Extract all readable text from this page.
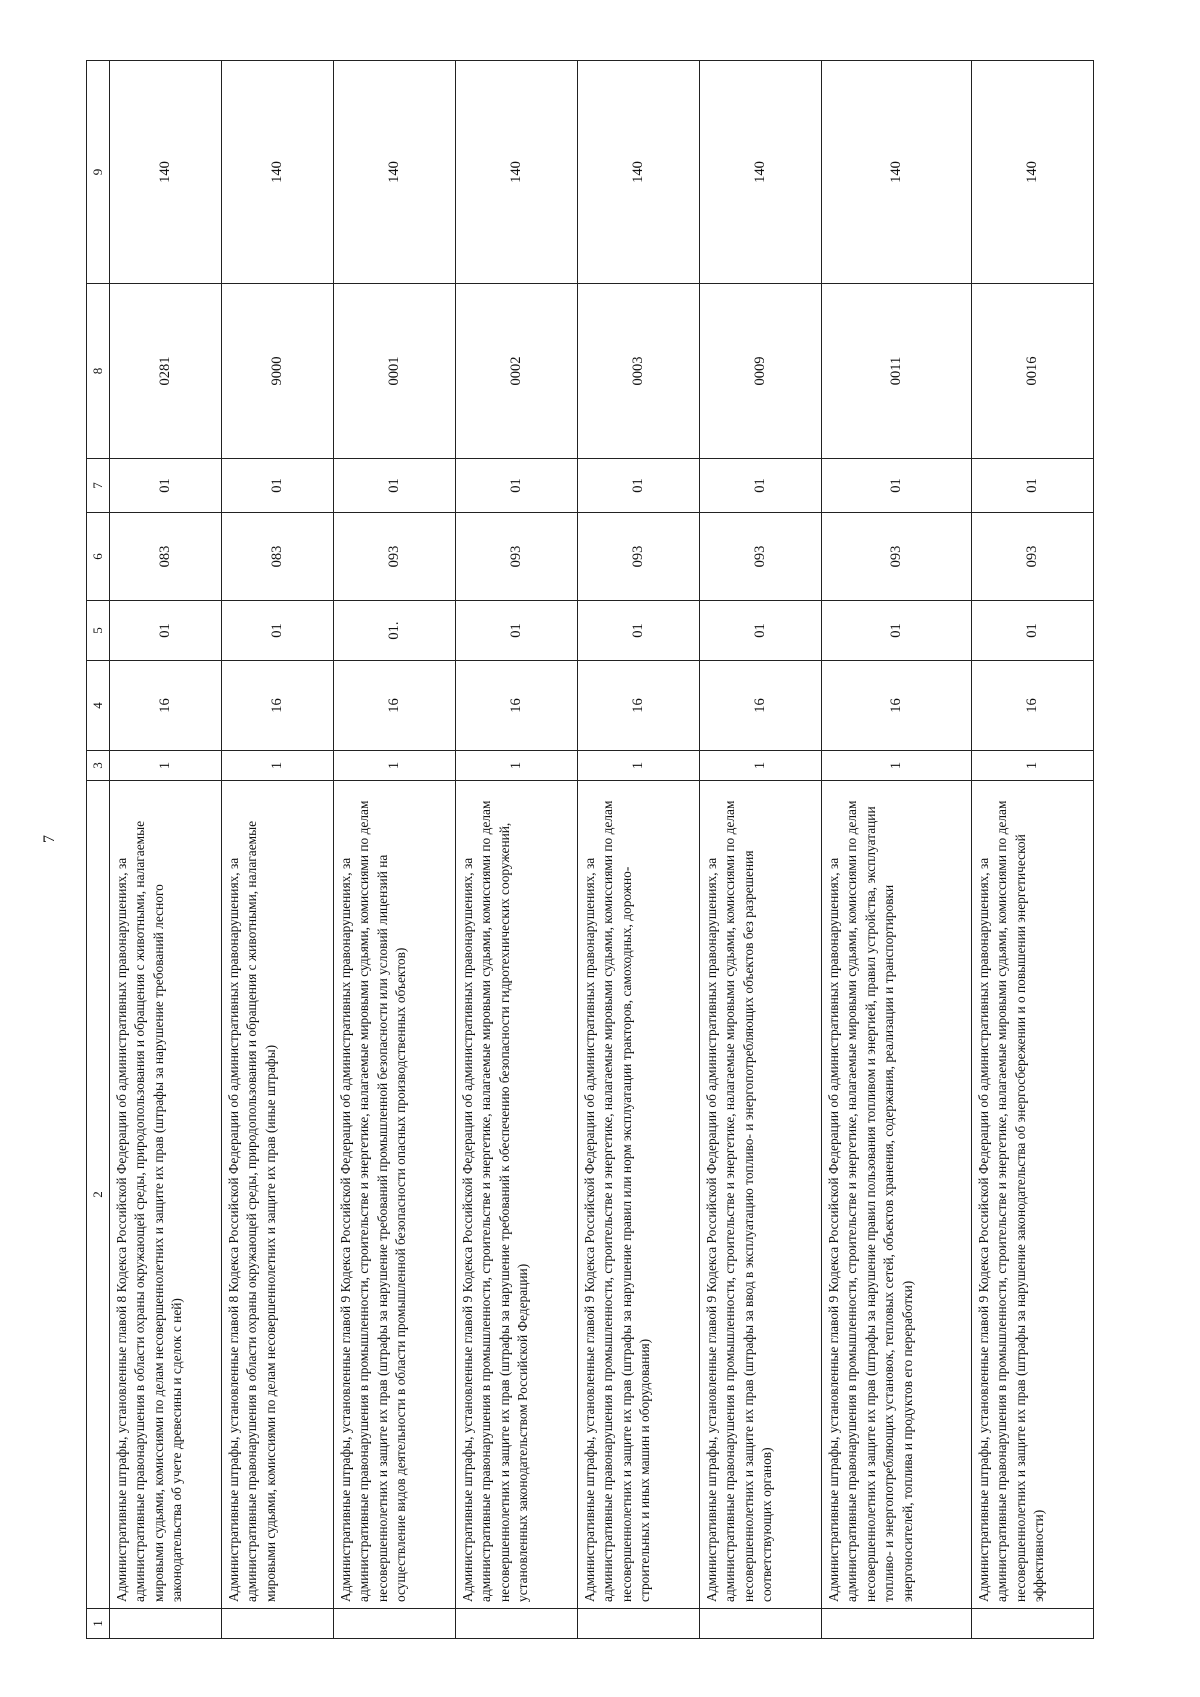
7
1	2	3	4	5	6	7	8	9
	Административные штрафы, установленные главой 8 Кодекса Российской Федерации об административных правонарушениях, за административные правонарушения в области охраны окружающей среды, природопользования и обращения с животными, налагаемые мировыми судьями, комиссиями по делам несовершеннолетних и защите их прав (штрафы за нарушение требований лесного законодательства об учете древесины и сделок с ней)	1	16	01	083	01	0281	140
	Административные штрафы, установленные главой 8 Кодекса Российской Федерации об административных правонарушениях, за административные правонарушения в области охраны окружающей среды, природопользования и обращения с животными, налагаемые мировыми судьями, комиссиями по делам несовершеннолетних и защите их прав (иные штрафы)	1	16	01	083	01	9000	140
	Административные штрафы, установленные главой 9 Кодекса Российской Федерации об административных правонарушениях, за административные правонарушения в промышленности, строительстве и энергетике, налагаемые мировыми судьями, комиссиями по делам несовершеннолетних и защите их прав (штрафы за нарушение требований промышленной безопасности или условий лицензий на осуществление видов деятельности в области промышленной безопасности опасных производственных объектов)	1	16	01.	093	01	0001	140
	Административные штрафы, установленные главой 9 Кодекса Российской Федерации об административных правонарушениях, за административные правонарушения в промышленности, строительстве и энергетике, налагаемые мировыми судьями, комиссиями по делам несовершеннолетних и защите их прав (штрафы за нарушение требований к обеспечению безопасности гидротехнических сооружений, установленных законодательством Российской Федерации)	1	16	01	093	01	0002	140
	Административные штрафы, установленные главой 9 Кодекса Российской Федерации об административных правонарушениях, за административные правонарушения в промышленности, строительстве и энергетике, налагаемые мировыми судьями, комиссиями по делам несовершеннолетних и защите их прав (штрафы за нарушение правил или норм эксплуатации тракторов, самоходных, дорожно-строительных и иных машин и оборудования)	1	16	01	093	01	0003	140
	Административные штрафы, установленные главой 9 Кодекса Российской Федерации об административных правонарушениях, за административные правонарушения в промышленности, строительстве и энергетике, налагаемые мировыми судьями, комиссиями по делам несовершеннолетних и защите их прав (штрафы за ввод в эксплуатацию топливо- и энергопотребляющих объектов без разрешения соответствующих органов)	1	16	01	093	01	0009	140
	Административные штрафы, установленные главой 9 Кодекса Российской Федерации об административных правонарушениях, за административные правонарушения в промышленности, строительстве и энергетике, налагаемые мировыми судьями, комиссиями по делам несовершеннолетних и защите их прав (штрафы за нарушение правил пользования топливом и энергией, правил устройства, эксплуатации топливо- и энергопотребляющих установок, тепловых сетей, объектов хранения, содержания, реализации и транспортировки энергоносителей, топлива и продуктов его переработки)	1	16	01	093	01	0011	140
	Административные штрафы, установленные главой 9 Кодекса Российской Федерации об административных правонарушениях, за административные правонарушения в промышленности, строительстве и энергетике, налагаемые мировыми судьями, комиссиями по делам несовершеннолетних и защите их прав (штрафы за нарушение законодательства об энергосбережении и о повышении энергетической эффективности)	1	16	01	093	01	0016	140
